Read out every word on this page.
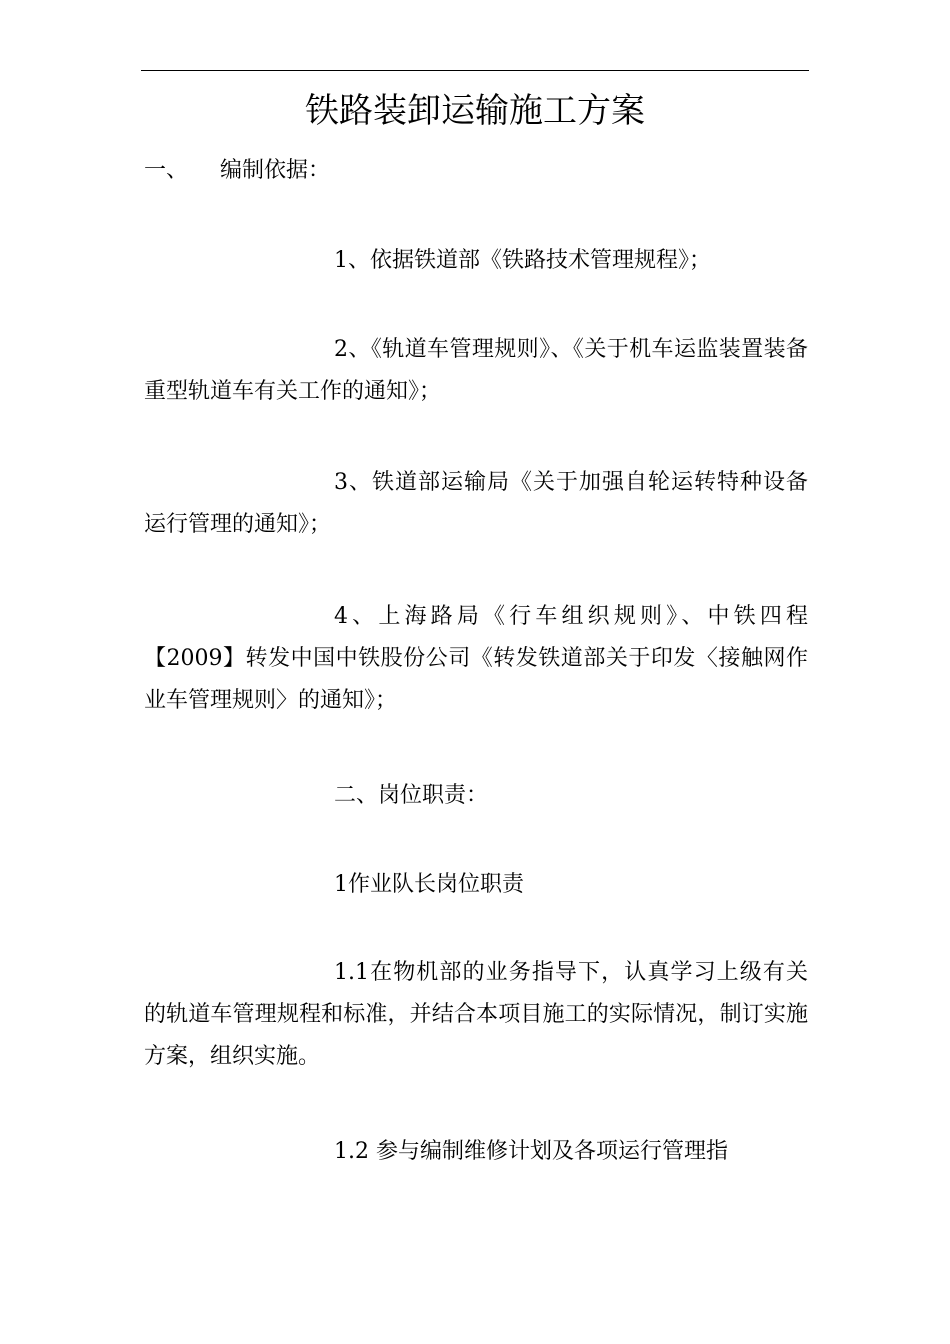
铁路装卸运输施工方案
一、 编制依据：

1、依据铁道部《铁路技术管理规程》；

2、《轨道车管理规则》、《关于机车运监装置装备重型轨道车有关工作的通知》；

3、铁道部运输局《关于加强自轮运转特种设备运行管理的通知》；

4、上海路局《行车组织规则》、中铁四程【2009】转发中国中铁股份公司《转发铁道部关于印发〈接触网作业车管理规则〉的通知》；

二、岗位职责：

1作业队长岗位职责

1.1在物机部的业务指导下，认真学习上级有关的轨道车管理规程和标准，并结合本项目施工的实际情况，制订实施方案，组织实施。

1.2 参与编制维修计划及各项运行管理指
